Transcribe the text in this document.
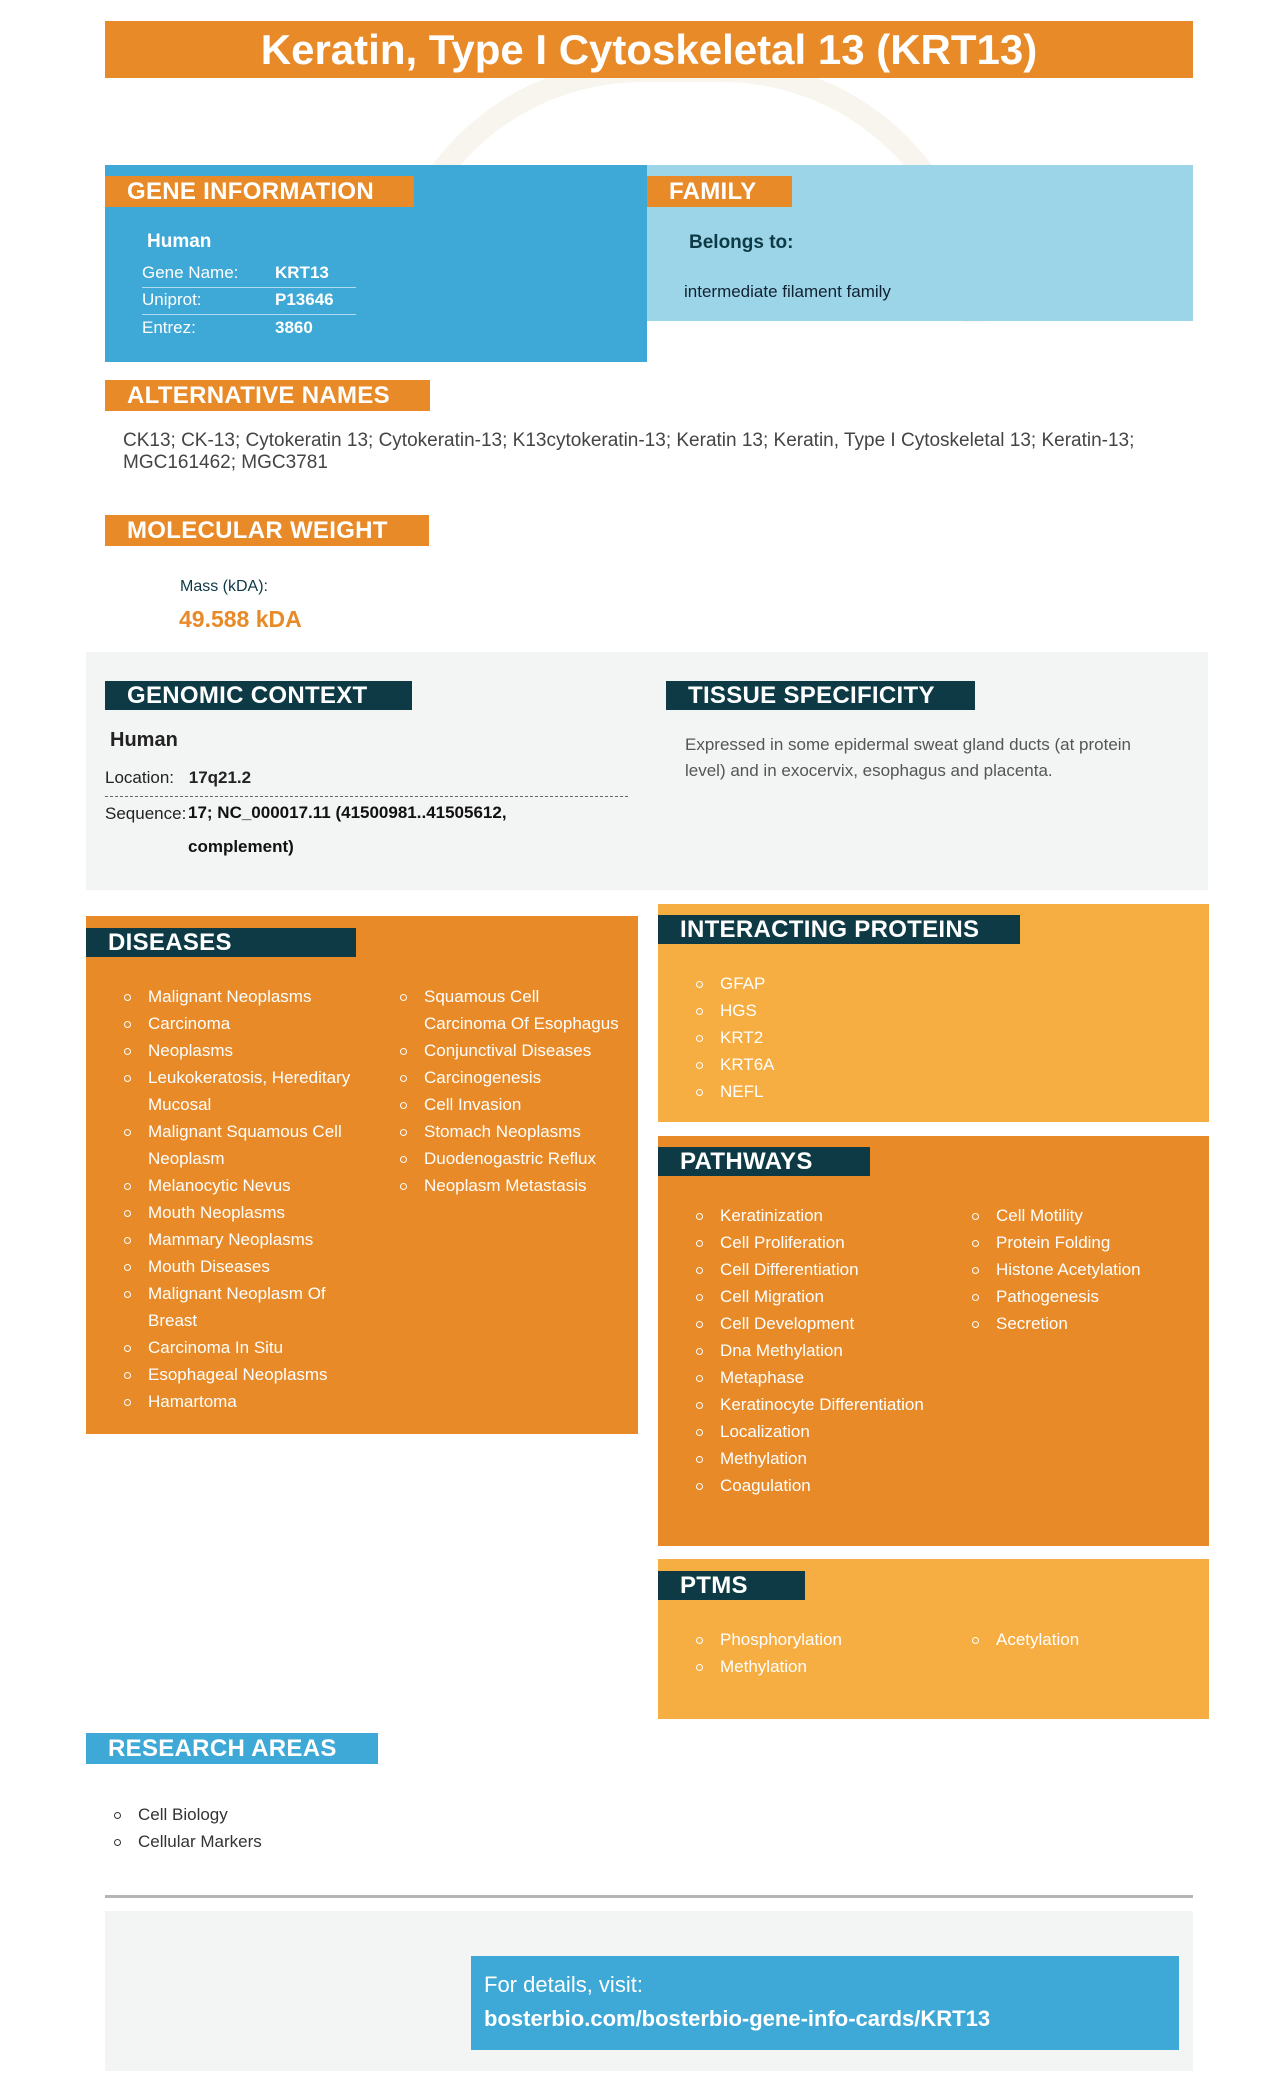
Keratin, Type I Cytoskeletal 13 (KRT13)
GENE INFORMATION	FAMILY
Human
Gene Name: KRT13
Uniprot:	P13646
Entrez:	3860
Belongs to:
intermediate filament family
ALTERNATIVE NAMES
CK13; CK-13; Cytokeratin 13; Cytokeratin-13; K13cytokeratin-13; Keratin 13; Keratin, Type I Cytoskeletal 13; Keratin-13; MGC161462; MGC3781
MOLECULAR WEIGHT
Mass (kDA):
49.588 kDA
GENOMIC CONTEXT	TISSUE SPECIFICITY
Human
Location: 17q21.2
Sequence: 17; NC_000017.11 (41500981..41505612, complement)
Expressed in some epidermal sweat gland ducts (at protein level) and in exocervix, esophagus and placenta.
DISEASES
Malignant Neoplasms
Carcinoma
Neoplasms
Leukokeratosis, Hereditary Mucosal
Malignant Squamous Cell Neoplasm
Melanocytic Nevus
Mouth Neoplasms
Mammary Neoplasms
Mouth Diseases
Malignant Neoplasm Of Breast
Carcinoma In Situ
Esophageal Neoplasms
Hamartoma
Squamous Cell Carcinoma Of Esophagus
Conjunctival Diseases
Carcinogenesis
Cell Invasion
Stomach Neoplasms
Duodenogastric Reflux
Neoplasm Metastasis
INTERACTING PROTEINS
GFAP
HGS
KRT2
KRT6A
NEFL
PATHWAYS
Keratinization
Cell Proliferation
Cell Differentiation
Cell Migration
Cell Development
Dna Methylation
Metaphase
Keratinocyte Differentiation
Localization
Methylation
Coagulation
Cell Motility
Protein Folding
Histone Acetylation
Pathogenesis
Secretion
PTMS
Phosphorylation
Methylation
Acetylation
RESEARCH AREAS
Cell Biology
Cellular Markers
For details, visit:
bosterbio.com/bosterbio-gene-info-cards/KRT13
